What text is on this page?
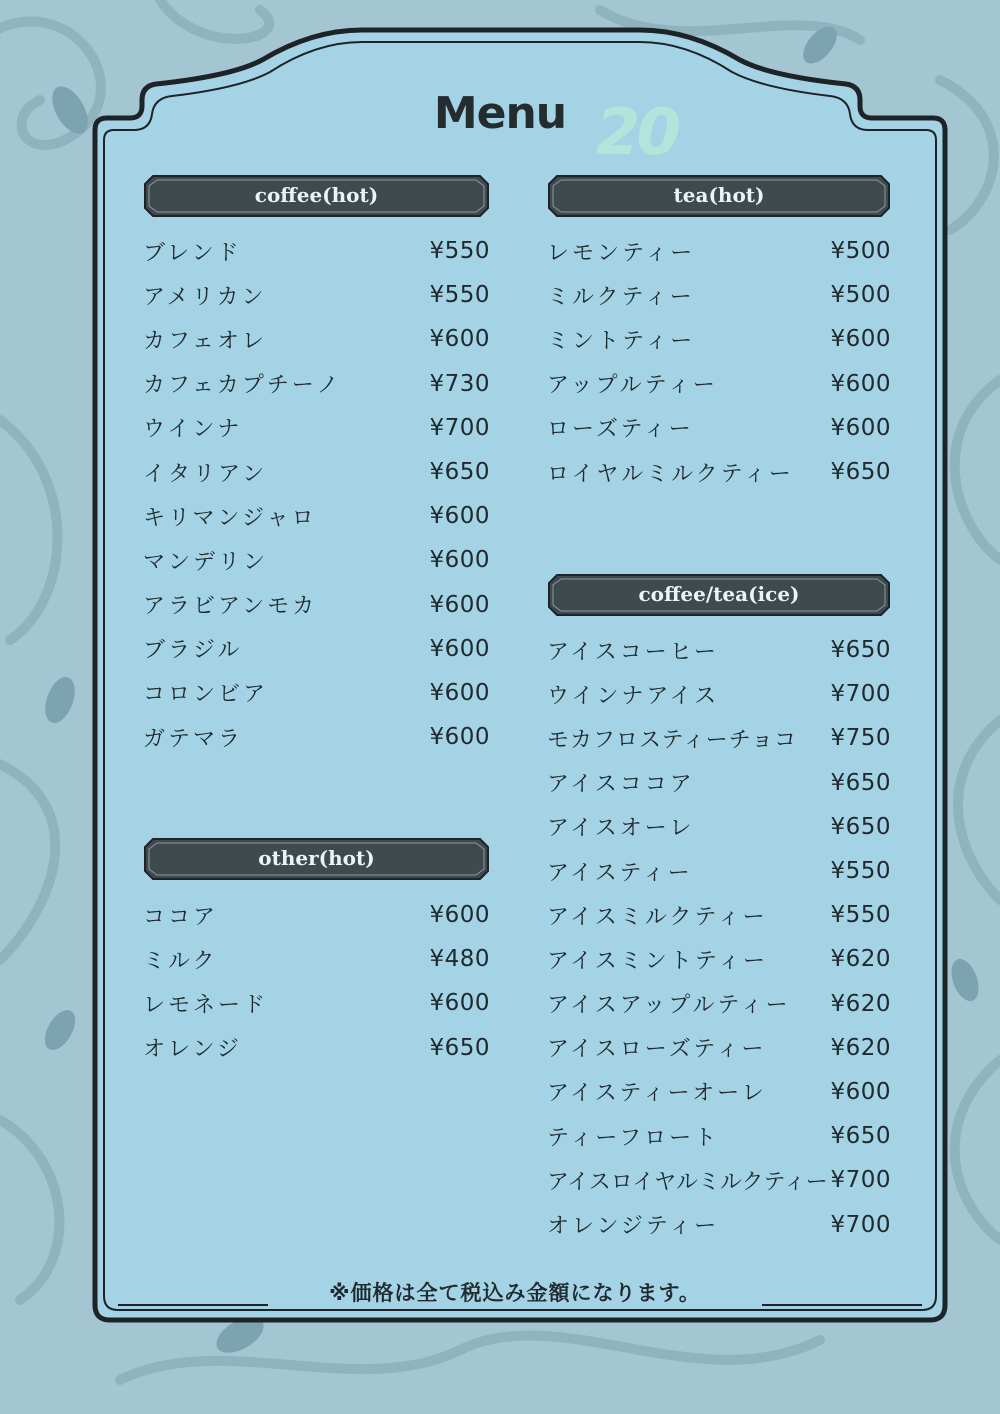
20
Menu
coffee(hot)
ブレンド	¥550
アメリカン	¥550
カフェオレ	¥600
カフェカプチーノ	¥730
ウインナ	¥700
イタリアン	¥650
キリマンジャロ	¥600
マンデリン	¥600
アラビアンモカ	¥600
ブラジル	¥600
コロンビア	¥600
ガテマラ	¥600
other(hot)
ココア	¥600
ミルク	¥480
レモネード	¥600
オレンジ	¥650
tea(hot)
レモンティー	¥500
ミルクティー	¥500
ミントティー	¥600
アップルティー	¥600
ローズティー	¥600
ロイヤルミルクティー ¥650
coffee/tea(ice)
アイスコーヒー	¥650
ウインナアイス	¥700
モカフロスティーチョコ ¥750
アイスココア	¥650
アイスオーレ	¥650
アイスティー	¥550
アイスミルクティー	¥550
アイスミントティー	¥620
アイスアップルティー ¥620
アイスローズティー	¥620
アイスティーオーレ	¥600
ティーフロート	¥650
アイスロイヤルミルクティー ¥700
オレンジティー	¥700
※価格は全て税込み金額になります。
